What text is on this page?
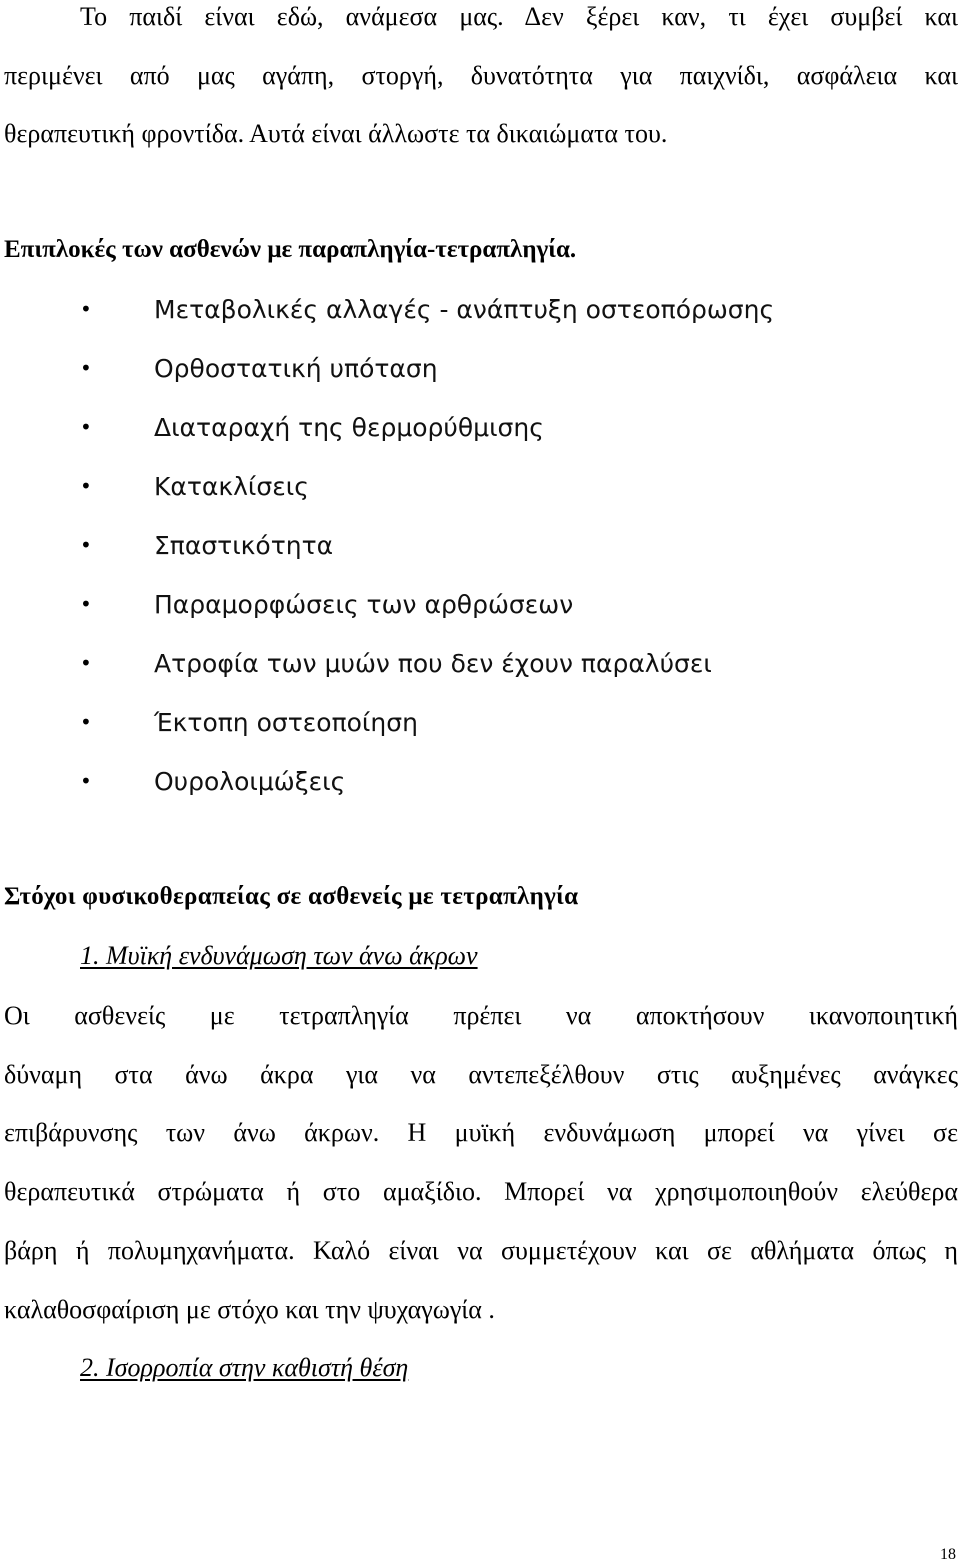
Το παιδί είναι εδώ, ανάμεσα μας. Δεν ξέρει καν, τι έχει συμβεί και
περιμένει από μας αγάπη, στοργή, δυνατότητα για παιχνίδι, ασφάλεια και
θεραπευτική φροντίδα. Αυτά είναι άλλωστε τα δικαιώματα του.
Επιπλοκές των ασθενών με παραπληγία-τετραπληγία.
• Μεταβολικές αλλαγές - ανάπτυξη οστεοπόρωσης
• Ορθοστατική υπόταση
• Διαταραχή της θερμορύθμισης
• Κατακλίσεις
• Σπαστικότητα
• Παραμορφώσεις των αρθρώσεων
• Ατροφία των μυών που δεν έχουν παραλύσει
• Έκτοπη οστεοποίηση
• Ουρολοιμώξεις
Στόχοι φυσικοθεραπείας σε ασθενείς με τετραπληγία
1. Μυϊκή ενδυνάμωση των άνω άκρων
Οι ασθενείς με τετραπληγία πρέπει να αποκτήσουν ικανοποιητική
δύναμη στα άνω άκρα για να αντεπεξέλθουν στις αυξημένες ανάγκες
επιβάρυνσης των άνω άκρων. Η μυϊκή ενδυνάμωση μπορεί να γίνει σε
θεραπευτικά στρώματα ή στο αμαξίδιο. Μπορεί να χρησιμοποιηθούν ελεύθερα
βάρη ή πολυμηχανήματα. Καλό είναι να συμμετέχουν και σε αθλήματα όπως η
καλαθοσφαίριση με στόχο και την ψυχαγωγία .
2. Ισορροπία στην καθιστή θέση
18
